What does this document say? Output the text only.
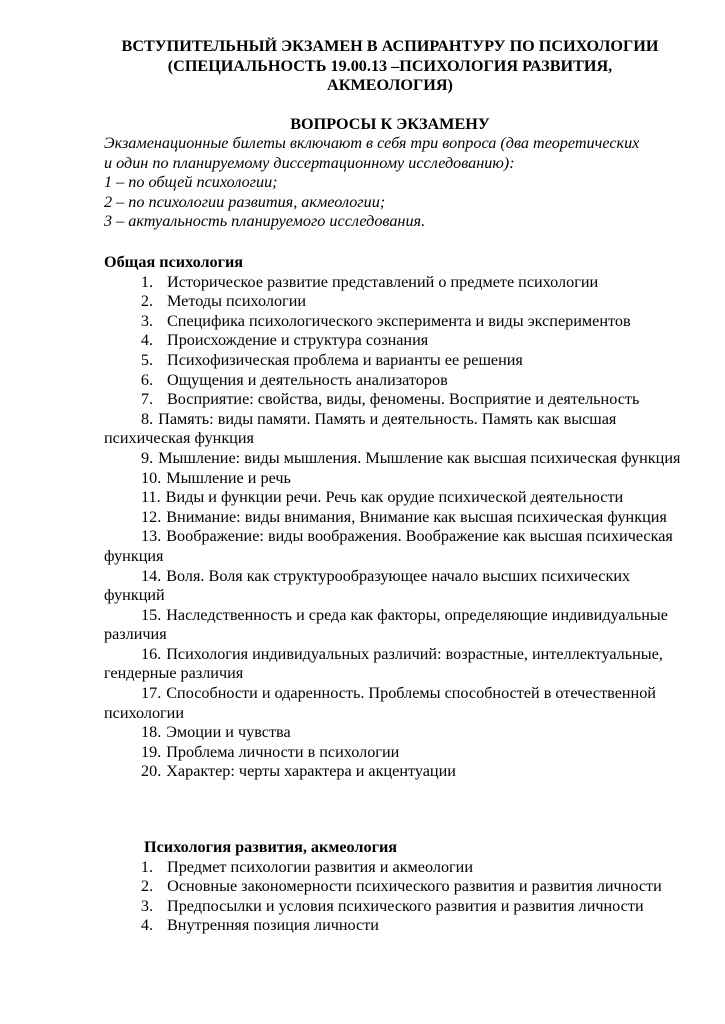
ВСТУПИТЕЛЬНЫЙ ЭКЗАМЕН В АСПИРАНТУРУ ПО ПСИХОЛОГИИ
(СПЕЦИАЛЬНОСТЬ 19.00.13 –ПСИХОЛОГИЯ РАЗВИТИЯ,
АКМЕОЛОГИЯ)
ВОПРОСЫ К ЭКЗАМЕНУ
Экзаменационные билеты включают в себя три вопроса (два теоретических
и один по планируемому диссертационному исследованию):
1 – по общей психологии;
2 – по психологии развития, акмеологии;
3 – актуальность планируемого исследования.
Общая психология
1. Историческое развитие представлений о предмете психологии
2. Методы психологии
3. Специфика психологического эксперимента и виды экспериментов
4. Происхождение и структура сознания
5. Психофизическая проблема и варианты ее решения
6. Ощущения и деятельность анализаторов
7. Восприятие: свойства, виды, феномены. Восприятие и деятельность
8. Память: виды памяти. Память и деятельность. Память как высшая психическая функция
9. Мышление: виды мышления. Мышление как высшая психическая функция
10. Мышление и речь
11. Виды и функции речи. Речь как орудие психической деятельности
12. Внимание: виды внимания, Внимание как высшая психическая функция
13. Воображение: виды воображения. Воображение как высшая психическая функция
14. Воля. Воля как структурообразующее начало высших психических функций
15. Наследственность и среда как факторы, определяющие индивидуальные различия
16. Психология индивидуальных различий: возрастные, интеллектуальные, гендерные различия
17. Способности и одаренность. Проблемы способностей в отечественной психологии
18. Эмоции и чувства
19. Проблема личности в психологии
20. Характер: черты характера и акцентуации
Психология развития, акмеология
1. Предмет психологии развития и акмеологии
2. Основные закономерности психического развития и развития личности
3. Предпосылки и условия психического развития и развития личности
4. Внутренняя позиция личности
